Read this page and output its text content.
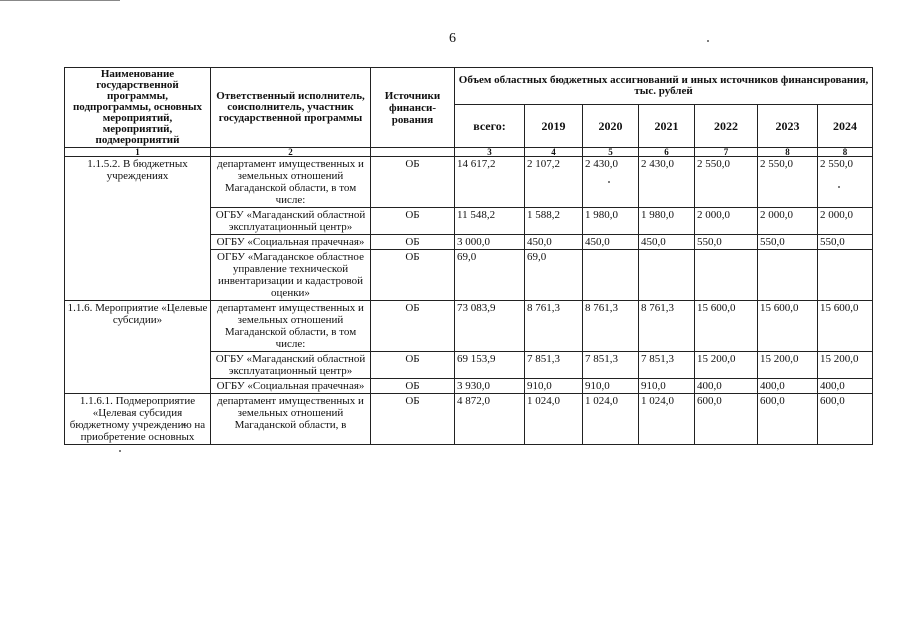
6
Наименование государственной программы, подпрограммы, основных мероприятий, мероприятий, подмероприятий	Ответственный исполнитель, соисполнитель, участник государственной программы	Источники финанси-рования	Объем областных бюджетных ассигнований и иных источников финансирования, тыс. рублей						
			всего:	2019	2020	2021	2022	2023	2024
1	2		3	4	5	6	7	8	8
1.1.5.2. В бюджетных учреждениях	департамент имущественных и земельных отношений Магаданской области, в том числе:	ОБ	14 617,2	2 107,2	2 430,0	2 430,0	2 550,0	2 550,0	2 550,0
	ОГБУ «Магаданский областной эксплуатационный центр»	ОБ	11 548,2	1 588,2	1 980,0	1 980,0	2 000,0	2 000,0	2 000,0
	ОГБУ «Социальная прачечная»	ОБ	3 000,0	450,0	450,0	450,0	550,0	550,0	550,0
	ОГБУ «Магаданское областное управление технической инвентаризации и кадастровой оценки»	ОБ	69,0	69,0					
1.1.6. Мероприятие «Целевые субсидии»	департамент имущественных и земельных отношений Магаданской области, в том числе:	ОБ	73 083,9	8 761,3	8 761,3	8 761,3	15 600,0	15 600,0	15 600,0
	ОГБУ «Магаданский областной эксплуатационный центр»	ОБ	69 153,9	7 851,3	7 851,3	7 851,3	15 200,0	15 200,0	15 200,0
	ОГБУ «Социальная прачечная»	ОБ	3 930,0	910,0	910,0	910,0	400,0	400,0	400,0
1.1.6.1. Подмероприятие «Целевая субсидия бюджетному учреждению на приобретение основных	департамент имущественных и земельных отношений Магаданской области, в	ОБ	4 872,0	1 024,0	1 024,0	1 024,0	600,0	600,0	600,0
